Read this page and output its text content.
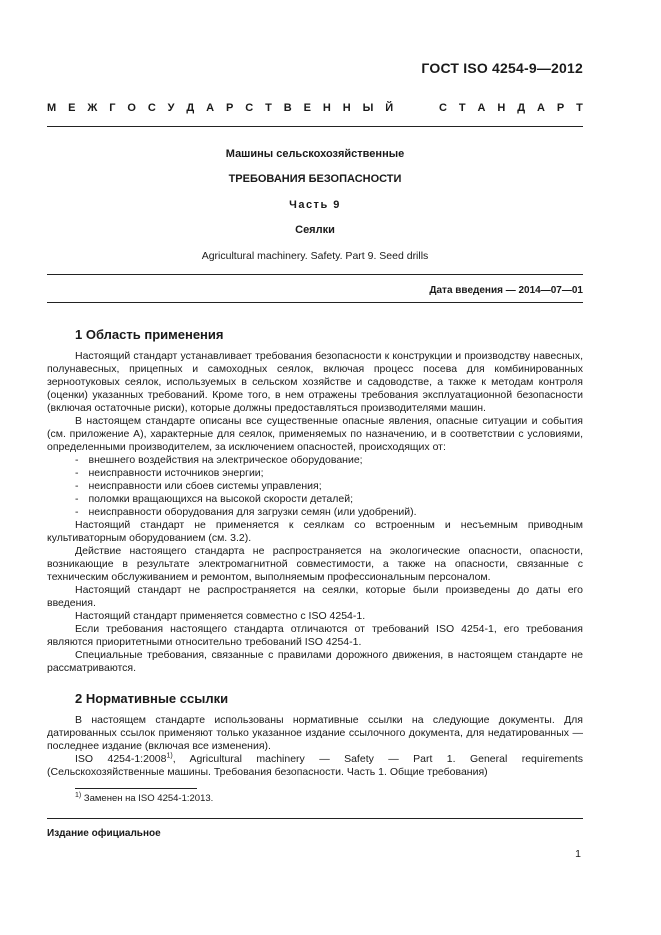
ГОСТ ISO 4254-9—2012
М Е Ж Г О С У Д А Р С Т В Е Н Н Ы Й	С Т А Н Д А Р Т
Машины сельскохозяйственные
ТРЕБОВАНИЯ БЕЗОПАСНОСТИ
Часть 9
Сеялки
Agricultural machinery. Safety. Part 9. Seed drills
Дата введения — 2014—07—01
1 Область применения

Настоящий стандарт устанавливает требования безопасности к конструкции и производству навесных, полунавесных, прицепных и самоходных сеялок, включая процесс посева для комбинированных зерноотуковых сеялок, используемых в сельском хозяйстве и садоводстве, а также к методам контроля (оценки) указанных требований. Кроме того, в нем отражены требования эксплуатационной безопасности (включая остаточные риски), которые должны предоставляться производителями машин.

В настоящем стандарте описаны все существенные опасные явления, опасные ситуации и события (см. приложение А), характерные для сеялок, применяемых по назначению, и в соответствии с условиями, определенными производителем, за исключением опасностей, происходящих от:

- внешнего воздействия на электрическое оборудование;
- неисправности источников энергии;
- неисправности или сбоев системы управления;
- поломки вращающихся на высокой скорости деталей;
- неисправности оборудования для загрузки семян (или удобрений).

Настоящий стандарт не применяется к сеялкам со встроенным и несъемным приводным культиваторным оборудованием (см. 3.2).

Действие настоящего стандарта не распространяется на экологические опасности, опасности, возникающие в результате электромагнитной совместимости, а также на опасности, связанные с техническим обслуживанием и ремонтом, выполняемым профессиональным персоналом.

Настоящий стандарт не распространяется на сеялки, которые были произведены до даты его введения.

Настоящий стандарт применяется совместно с ISO 4254-1.

Если требования настоящего стандарта отличаются от требований ISO 4254-1, его требования являются приоритетными относительно требований ISO 4254-1.

Специальные требования, связанные с правилами дорожного движения, в настоящем стандарте не рассматриваются.

2 Нормативные ссылки

В настоящем стандарте использованы нормативные ссылки на следующие документы. Для датированных ссылок применяют только указанное издание ссылочного документа, для недатированных — последнее издание (включая все изменения).

ISO 4254-1:2008$^{1)}$, Agricultural machinery — Safety — Part 1. General requirements (Сельскохозяйственные машины. Требования безопасности. Часть 1. Общие требования)

$^{1)}$ Заменен на ISO 4254-1:2013.
Издание официальное
1
